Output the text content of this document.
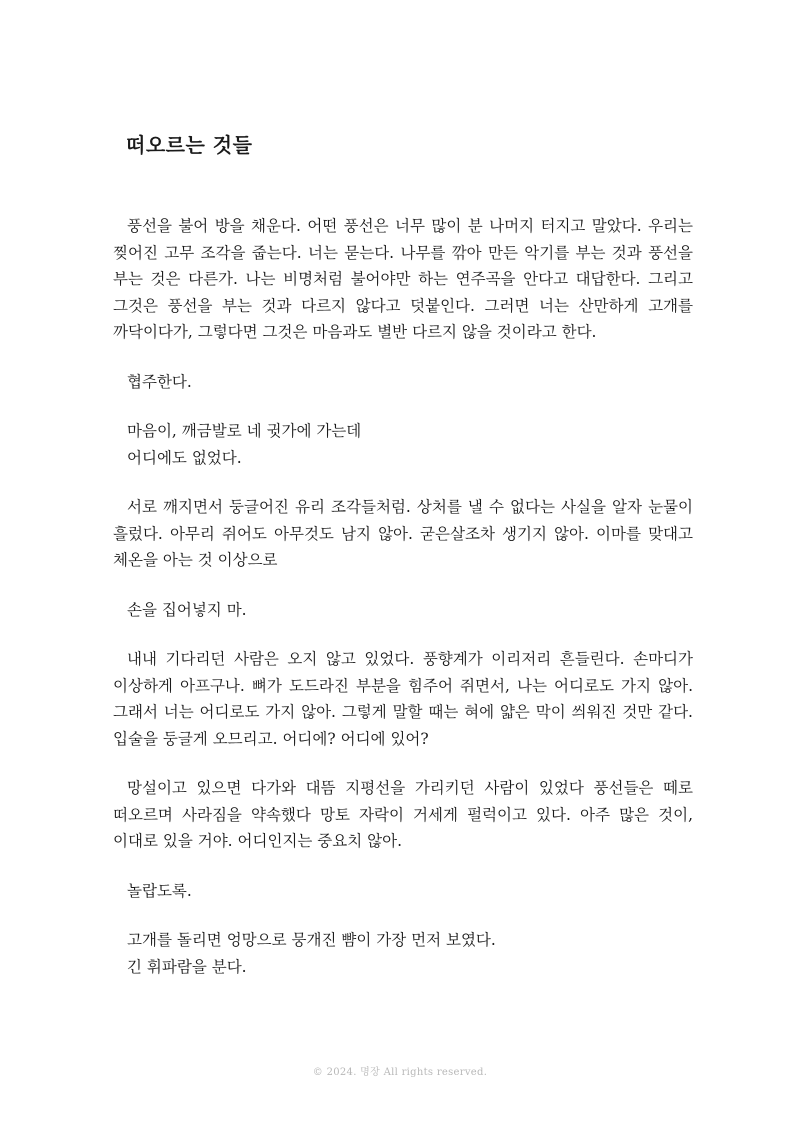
떠오르는 것들

풍선을 불어 방을 채운다. 어떤 풍선은 너무 많이 분 나머지 터지고 말았다. 우리는 찢어진 고무 조각을 줍는다. 너는 묻는다. 나무를 깎아 만든 악기를 부는 것과 풍선을 부는 것은 다른가. 나는 비명처럼 불어야만 하는 연주곡을 안다고 대답한다. 그리고 그것은 풍선을 부는 것과 다르지 않다고 덧붙인다. 그러면 너는 산만하게 고개를 까닥이다가, 그렇다면 그것은 마음과도 별반 다르지 않을 것이라고 한다.

협주한다.

마음이, 깨금발로 네 귓가에 가는데
어디에도 없었다.

서로 깨지면서 둥글어진 유리 조각들처럼. 상처를 낼 수 없다는 사실을 알자 눈물이 흘렀다. 아무리 쥐어도 아무것도 남지 않아. 굳은살조차 생기지 않아. 이마를 맞대고 체온을 아는 것 이상으로

손을 집어넣지 마.

내내 기다리던 사람은 오지 않고 있었다. 풍향계가 이리저리 흔들린다. 손마디가 이상하게 아프구나. 뼈가 도드라진 부분을 힘주어 쥐면서, 나는 어디로도 가지 않아. 그래서 너는 어디로도 가지 않아. 그렇게 말할 때는 혀에 얇은 막이 씌워진 것만 같다. 입술을 둥글게 오므리고. 어디에? 어디에 있어?

망설이고 있으면 다가와 대뜸 지평선을 가리키던 사람이 있었다 풍선들은 떼로 떠오르며 사라짐을 약속했다 망토 자락이 거세게 펄럭이고 있다. 아주 많은 것이, 이대로 있을 거야. 어디인지는 중요치 않아.

놀랍도록.

고개를 돌리면 엉망으로 뭉개진 뺨이 가장 먼저 보였다.
긴 휘파람을 분다.
© 2024. 명장 All rights reserved.
